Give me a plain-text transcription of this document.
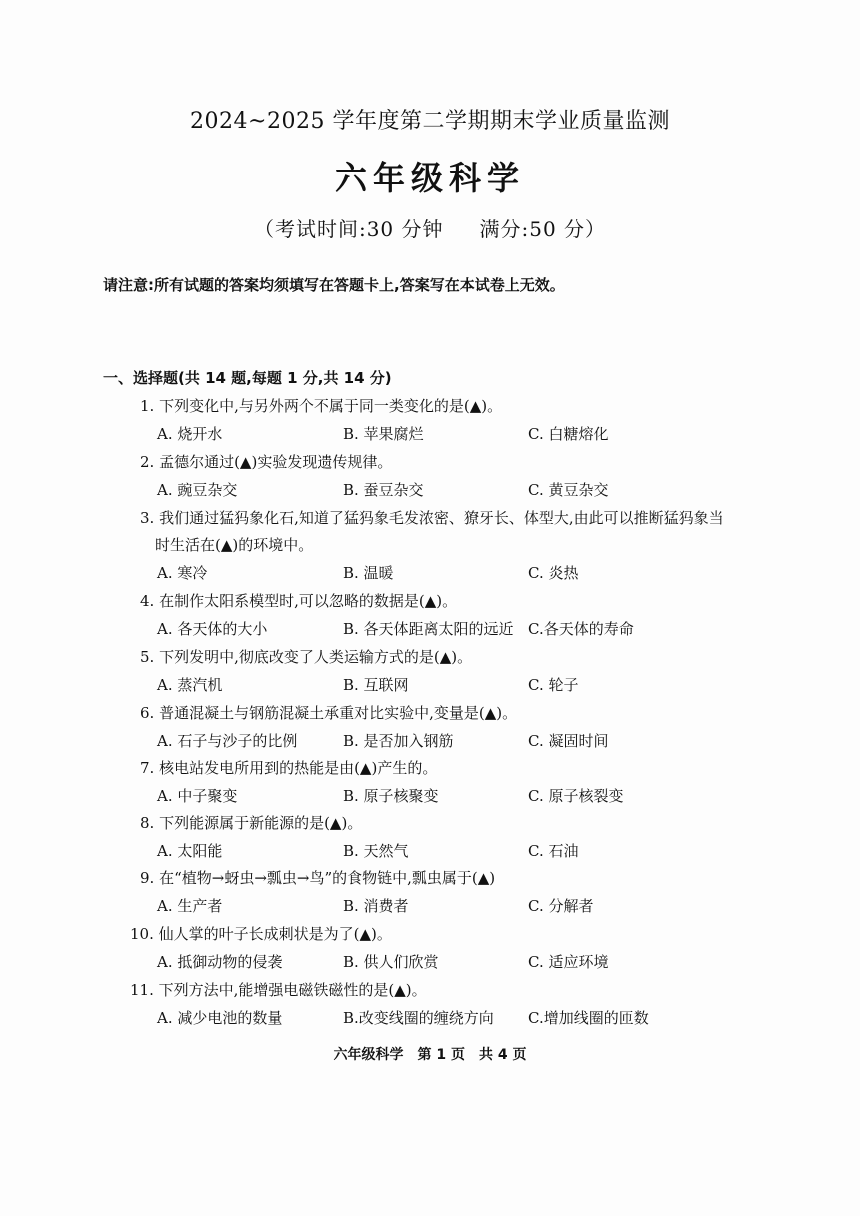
2024~2025 学年度第二学期期末学业质量监测
六年级科学
（考试时间:30 分钟 满分:50 分）
请注意:所有试题的答案均须填写在答题卡上,答案写在本试卷上无效。
一、选择题(共 14 题,每题 1 分,共 14 分)
1. 下列变化中,与另外两个不属于同一类变化的是(▲)。
A. 烧开水	B. 苹果腐烂	C. 白糖熔化
2. 孟德尔通过(▲)实验发现遗传规律。
A. 豌豆杂交	B. 蚕豆杂交	C. 黄豆杂交
3. 我们通过猛犸象化石,知道了猛犸象毛发浓密、獠牙长、体型大,由此可以推断猛犸象当
时生活在(▲)的环境中。
A. 寒冷	B. 温暖	C. 炎热
4. 在制作太阳系模型时,可以忽略的数据是(▲)。
A. 各天体的大小	B. 各天体距离太阳的远近 C.各天体的寿命
5. 下列发明中,彻底改变了人类运输方式的是(▲)。
A. 蒸汽机	B. 互联网	C. 轮子
6. 普通混凝土与钢筋混凝土承重对比实验中,变量是(▲)。
A. 石子与沙子的比例	B. 是否加入钢筋	C. 凝固时间
7. 核电站发电所用到的热能是由(▲)产生的。
A. 中子聚变	B. 原子核聚变	C. 原子核裂变
8. 下列能源属于新能源的是(▲)。
A. 太阳能	B. 天然气	C. 石油
9. 在“植物→蚜虫→瓢虫→鸟”的食物链中,瓢虫属于(▲)
A. 生产者	B. 消费者	C. 分解者
10. 仙人掌的叶子长成刺状是为了(▲)。
A. 抵御动物的侵袭	B. 供人们欣赏	C. 适应环境
11. 下列方法中,能增强电磁铁磁性的是(▲)。
A. 减少电池的数量	B.改变线圈的缠绕方向 C.增加线圈的匝数
六年级科学　第 1 页　共 4 页
